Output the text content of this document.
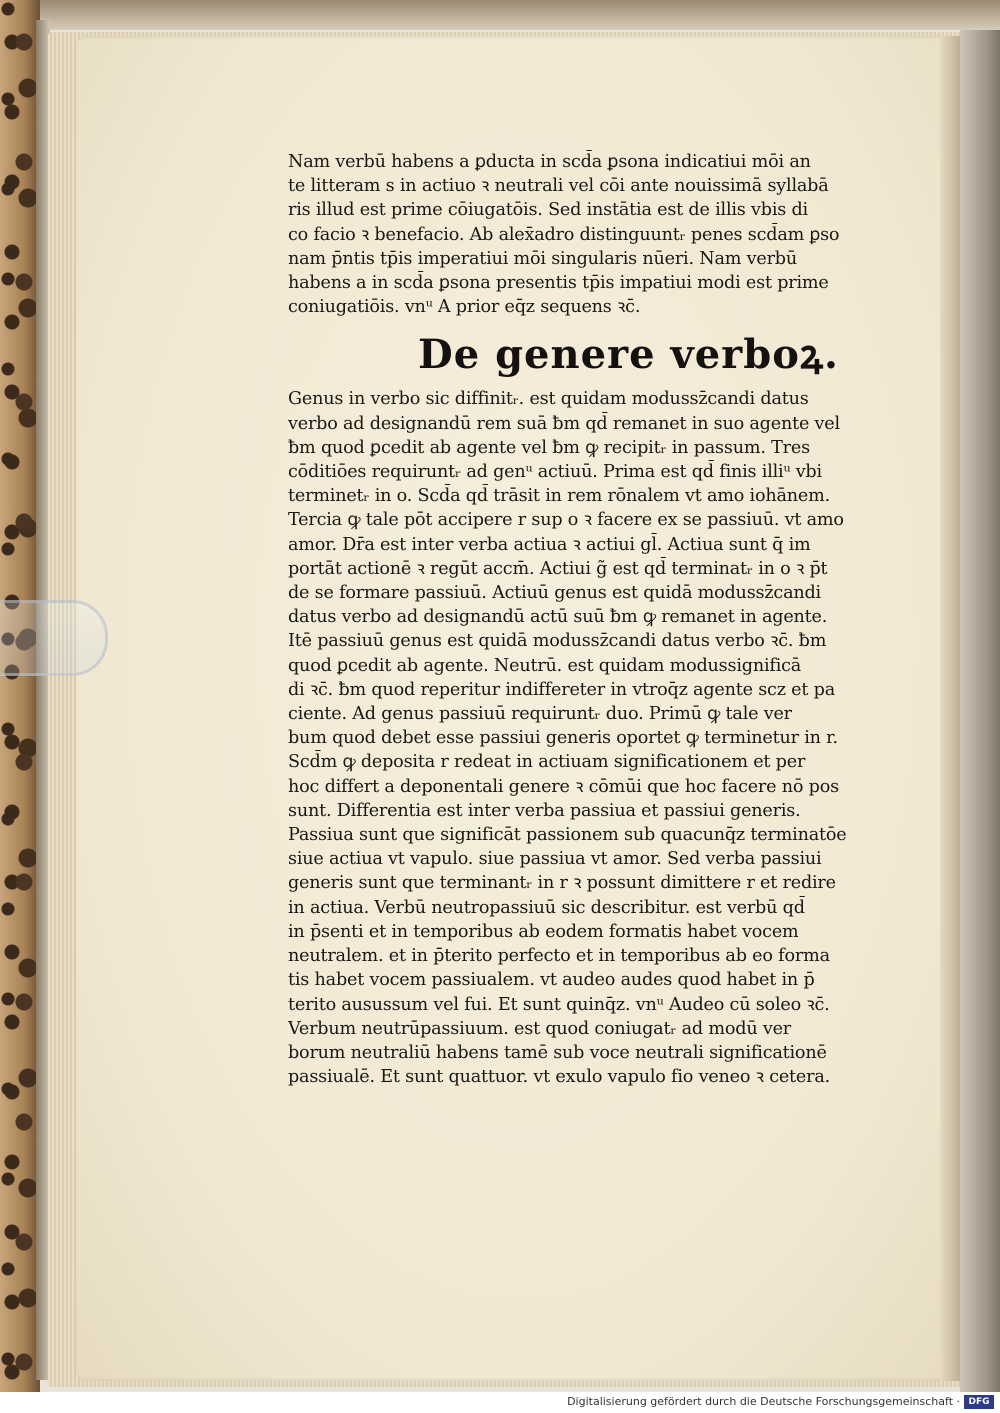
Nam verbū habens a ꝑducta in scd̄a ꝑsona indicatiui mōi an
te litteram s in actiuo ꝛ neutrali vel cōi ante nouissimā syllabā
ris illud est prime cōiugatōis. Sed instātia est de illis vbis di
co facio ꝛ benefacio. Ab alex̄adro distinguuntᵣ penes scd̄am ꝑso
nam p̄ntis tp̄is imperatiui mōi singularis nūeri. Nam verbū
habens a in scd̄a ꝑsona presentis tp̄is impatiui modi est prime
coniugatiōis. vnᵘ A prior eq̄z sequens ꝛc̄.
De genere verboꝝ.
Genus in verbo sic diffinitᵣ. est quidam modussz̄candi datus
verbo ad designandū rem suā ƀm qd̄ remanet in suo agente vel
ƀm quod ꝑcedit ab agente vel ƀm ꝙ recipitᵣ in passum. Tres
cōditiōes requiruntᵣ ad genᵘ actiuū. Prima est qd̄ finis illiᵘ vbi
terminetᵣ in o. Scd̄a qd̄ trāsit in rem rōnalem vt amo iohānem.
Tercia ꝙ tale pōt accipere r sup o ꝛ facere ex se passiuū. vt amo
amor. Dr̄a est inter verba actiua ꝛ actiui gl̄. Actiua sunt q̄ im
portāt actionē ꝛ regūt accm̄. Actiui g̃ est qd̄ terminatᵣ in o ꝛ p̄t
de se formare passiuū. Actiuū genus est quidā modussz̄candi
datus verbo ad designandū actū suū ƀm ꝙ remanet in agente.
Itē passiuū genus est quidā modussz̄candi datus verbo ꝛc̄. ƀm
quod ꝑcedit ab agente. Neutrū. est quidam modussignificā
di ꝛc̄. ƀm quod reperitur indiffereter in vtroq̄z agente scz et pa
ciente. Ad genus passiuū requiruntᵣ duo. Primū ꝙ tale ver
bum quod debet esse passiui generis oportet ꝙ terminetur in r.
Scd̄m ꝙ deposita r redeat in actiuam significationem et per
hoc differt a deponentali genere ꝛ cōmūi que hoc facere nō pos
sunt. Differentia est inter verba passiua et passiui generis.
Passiua sunt que significāt passionem sub quacunq̄z terminatōe
siue actiua vt vapulo. siue passiua vt amor. Sed verba passiui
generis sunt que terminantᵣ in r ꝛ possunt dimittere r et redire
in actiua. Verbū neutropassiuū sic describitur. est verbū qd̄
in p̄senti et in temporibus ab eodem formatis habet vocem
neutralem. et in p̄terito perfecto et in temporibus ab eo forma
tis habet vocem passiualem. vt audeo audes quod habet in p̄
terito ausussum vel fui. Et sunt quinq̄z. vnᵘ Audeo cū soleo ꝛc̄.
Verbum neutrūpassiuum. est quod coniugatᵣ ad modū ver
borum neutraliū habens tamē sub voce neutrali significationē
passiualē. Et sunt quattuor. vt exulo vapulo fio veneo ꝛ cetera.
Digitalisierung gefördert durch die Deutsche Forschungsgemeinschaft · DFG
